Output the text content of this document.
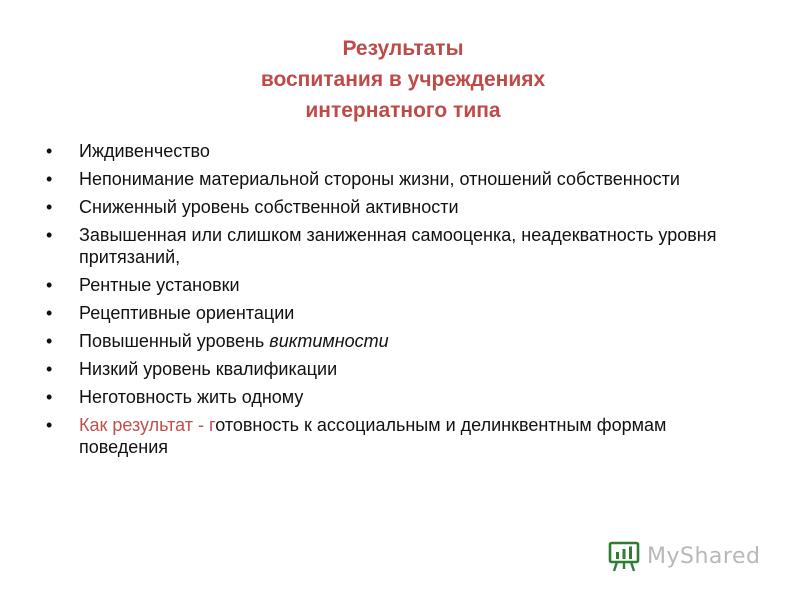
Результаты
воспитания в учреждениях
интернатного типа
•	Иждивенчество
•	Непонимание материальной стороны жизни, отношений собственности
•	Сниженный уровень собственной активности
•	Завышенная или слишком заниженная самооценка, неадекватность уровня притязаний,
•	Рентные установки
•	Рецептивные ориентации
•	Повышенный уровень виктимности
•	Низкий уровень квалификации
•	Неготовность жить одному
•	Как результат - готовность к ассоциальным и делинквентным формам поведения
MyShared
